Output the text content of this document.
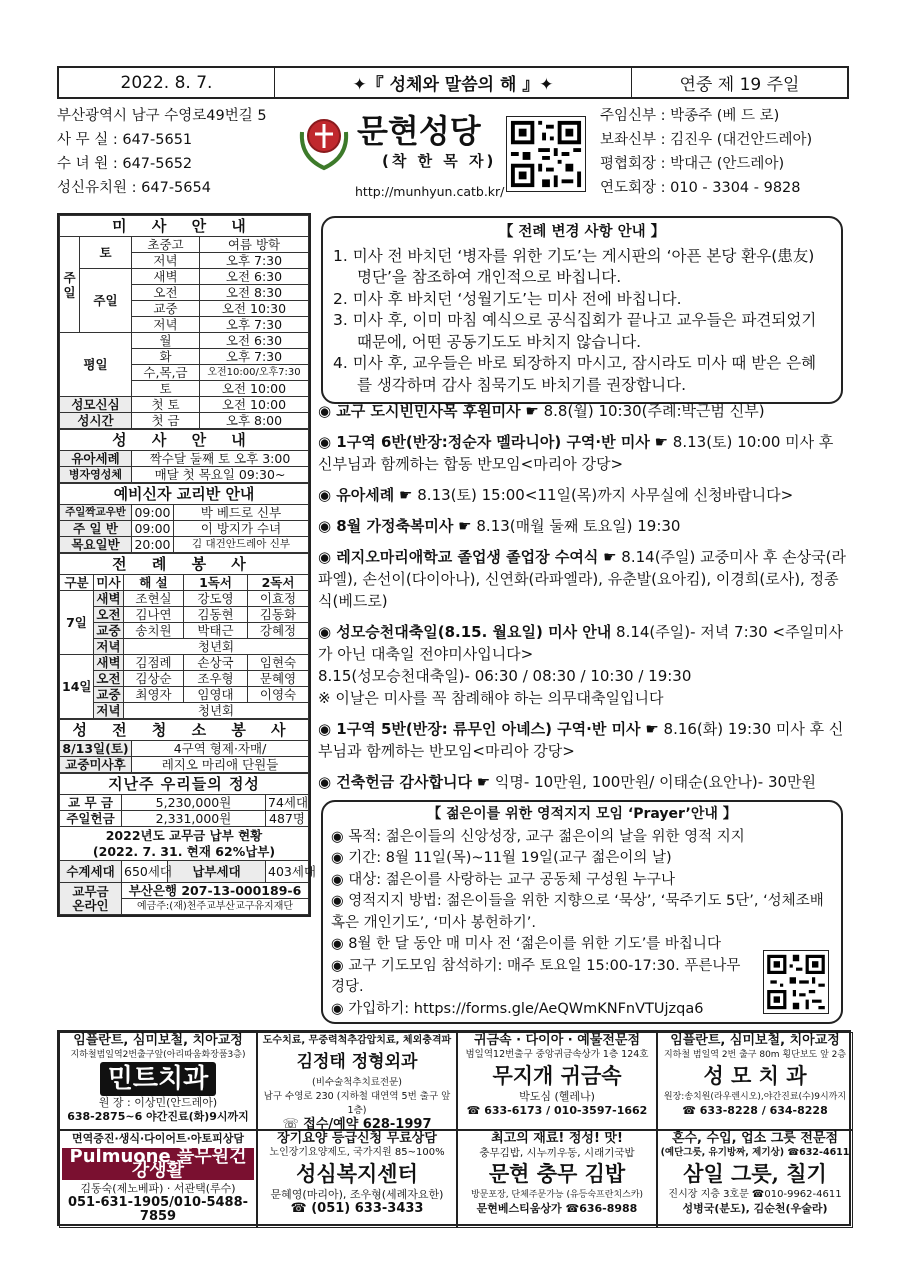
2022. 8. 7.	✦『 성체와 말씀의 해 』✦	연중 제 19 주일
부산광역시 남구 수영로49번길 5
사 무 실 : 647-5651
수 녀 원 : 647-5652
성신유치원 : 647-5654
문현성당
(착 한 목 자)
http://munhyun.catb.kr/
주임신부 : 박종주 (베 드 로)
보좌신부 : 김진우 (대건안드레아)
평협회장 : 박대근 (안드레아)
연도회장 : 010 - 3304 - 9828
미 사 안 내			
주
일	토	초중고	여름 방학
		저녁	오후 7:30
	주일	새벽	오전 6:30
		오전	오전 8:30
		교중	오전 10:30
		저녁	오후 7:30
평일		월	오전 6:30
		화	오후 7:30
		수,목,금	오전10:00/오후7:30
		토	오전 10:00
성모신심		첫 토	오전 10:00
성시간		첫 금	오후 8:00
성 사 안 내	
유아세례	짝수달 둘째 토 오후 3:00
병자영성체	매달 첫 목요일 09:30~
예비신자 교리반 안내		
주일짝교우반	09:00	박 베드로 신부
주 일 반	09:00	이 방지가 수녀
목요일반	20:00	김 대건안드레아 신부
전 례 봉 사				
구분	미사	해 설	1독서	2독서
7일	새벽	조현실	강도영	이효정
	오전	김나연	김동현	김동화
	교중	송치원	박태근	강혜정
	저녁	청년회		
14일	새벽	김점례	손상국	임현숙
	오전	김상순	조우형	문혜영
	교중	최영자	임영대	이영숙
	저녁	청년회		
성 전 청 소 봉 사	
8/13일(토)	4구역 형제·자매/
교중미사후	레지오 마리애 단원들
지난주 우리들의 정성			
교 무 금	5,230,000원		74세대
주일헌금	2,331,000원		487명
2022년도 교무금 납부 현황
(2022. 7. 31. 현재 62%납부)			
수계세대	650세대	납부세대	403세대
교무금
온라인	부산은행 207-13-000189-6		
	예금주:(재)천주교부산교구유지재단		
【 전례 변경 사항 안내 】
1. 미사 전 바치던 ‘병자를 위한 기도’는 게시판의 ‘아픈 본당 환우(患友) 명단’을 참조하여 개인적으로 바칩니다.
2. 미사 후 바치던 ‘성월기도’는 미사 전에 바칩니다.
3. 미사 후, 이미 마침 예식으로 공식집회가 끝나고 교우들은 파견되었기 때문에, 어떤 공동기도도 바치지 않습니다.
4. 미사 후, 교우들은 바로 퇴장하지 마시고, 잠시라도 미사 때 받은 은혜를 생각하며 감사 침묵기도 바치기를 권장합니다.
◉ 교구 도시빈민사목 후원미사 ☛ 8.8(월) 10:30(주례:박근범 신부)
◉ 1구역 6반(반장:정순자 멜라니아) 구역·반 미사 ☛ 8.13(토) 10:00 미사 후 신부님과 함께하는 합동 반모임<마리아 강당>
◉ 유아세례 ☛ 8.13(토) 15:00<11일(목)까지 사무실에 신청바랍니다>
◉ 8월 가정축복미사 ☛ 8.13(매월 둘째 토요일) 19:30
◉ 레지오마리애학교 졸업생 졸업장 수여식 ☛ 8.14(주일) 교중미사 후 손상국(라파엘), 손선이(다이아나), 신연화(라파엘라), 유춘발(요아킴), 이경희(로사), 정종식(베드로)
◉ 성모승천대축일(8.15. 월요일) 미사 안내 8.14(주일)- 저녁 7:30 <주일미사가 아닌 대축일 전야미사입니다>
8.15(성모승천대축일)- 06:30 / 08:30 / 10:30 / 19:30
※ 이날은 미사를 꼭 참례해야 하는 의무대축일입니다
◉ 1구역 5반(반장: 류무인 아녜스) 구역·반 미사 ☛ 8.16(화) 19:30 미사 후 신부님과 함께하는 반모임<마리아 강당>
◉ 건축헌금 감사합니다 ☛ 익명- 10만원, 100만원/ 이태순(요안나)- 30만원
【 젊은이를 위한 영적지지 모임 ‘Prayer’안내 】
◉ 목적: 젊은이들의 신앙성장, 교구 젊은이의 날을 위한 영적 지지
◉ 기간: 8월 11일(목)~11월 19일(교구 젊은이의 날)
◉ 대상: 젊은이를 사랑하는 교구 공동체 구성원 누구나
◉ 영적지지 방법: 젊은이들을 위한 지향으로 ‘묵상’, ‘묵주기도 5단’, ‘성체조배 혹은 개인기도’, ‘미사 봉헌하기’.
◉ 8월 한 달 동안 매 미사 전 ‘젊은이를 위한 기도’를 바칩니다
◉ 교구 기도모임 참석하기: 매주 토요일 15:00-17:30. 푸른나무 경당.
◉ 가입하기: https://forms.gle/AeQWmKNFnVTUjzqa6
임플란트, 심미보철, 치아교정
지하철범일역2번출구앞(아리따움화장품3층)
민트치과
원 장 : 이상민(안드레아)
638-2875~6 야간진료(화)9시까지
도수치료, 무중력척추감압치료, 체외충격파
김정태 정형외과
(비수술척추치료전문)
남구 수영로 230 (지하철 대연역 5번 출구 앞 1층)
☏ 접수/예약 628-1997
귀금속 · 다이아 · 예물전문점
범일역12번출구 중앙귀금속상가 1층 124호
무지개 귀금속
박도심 (헬레나)
☎ 633-6173 / 010-3597-1662
임플란트, 심미보철, 치아교정
지하철 범일역 2번 출구 80m 횡단보도 앞 2층
성 모 치 과
원장:송치원(라우렌시오),야간진료(수)9시까지
☎ 633-8228 / 634-8228
면역증진·생식·다이어트·아토피상담
Pulmuone 풀무원건강생활
김동숙(제노베파) · 서관택(루수)
051-631-1905/010-5488-7859
장기요양 등급신청 무료상담
노인장기요양제도, 국가지원 85~100%
성심복지센터
문혜영(마리아), 조우형(세례자요한)
☎ (051) 633-3433
최고의 재료! 정성! 맛!
충무김밥, 시누끼우동, 시래기국밥
문현 충무 김밥
방문포장, 단체주문가능 (유등숙프란치스카)
문현베스티움상가 ☎636-8988
혼수, 수입, 업소 그릇 전문점
(예단그릇, 유기방짜, 제기상) ☎632-4611
삼일 그릇, 칠기
진시장 지층 3호문 ☎010-9962-4611
성병국(분도), 김순천(우술라)
